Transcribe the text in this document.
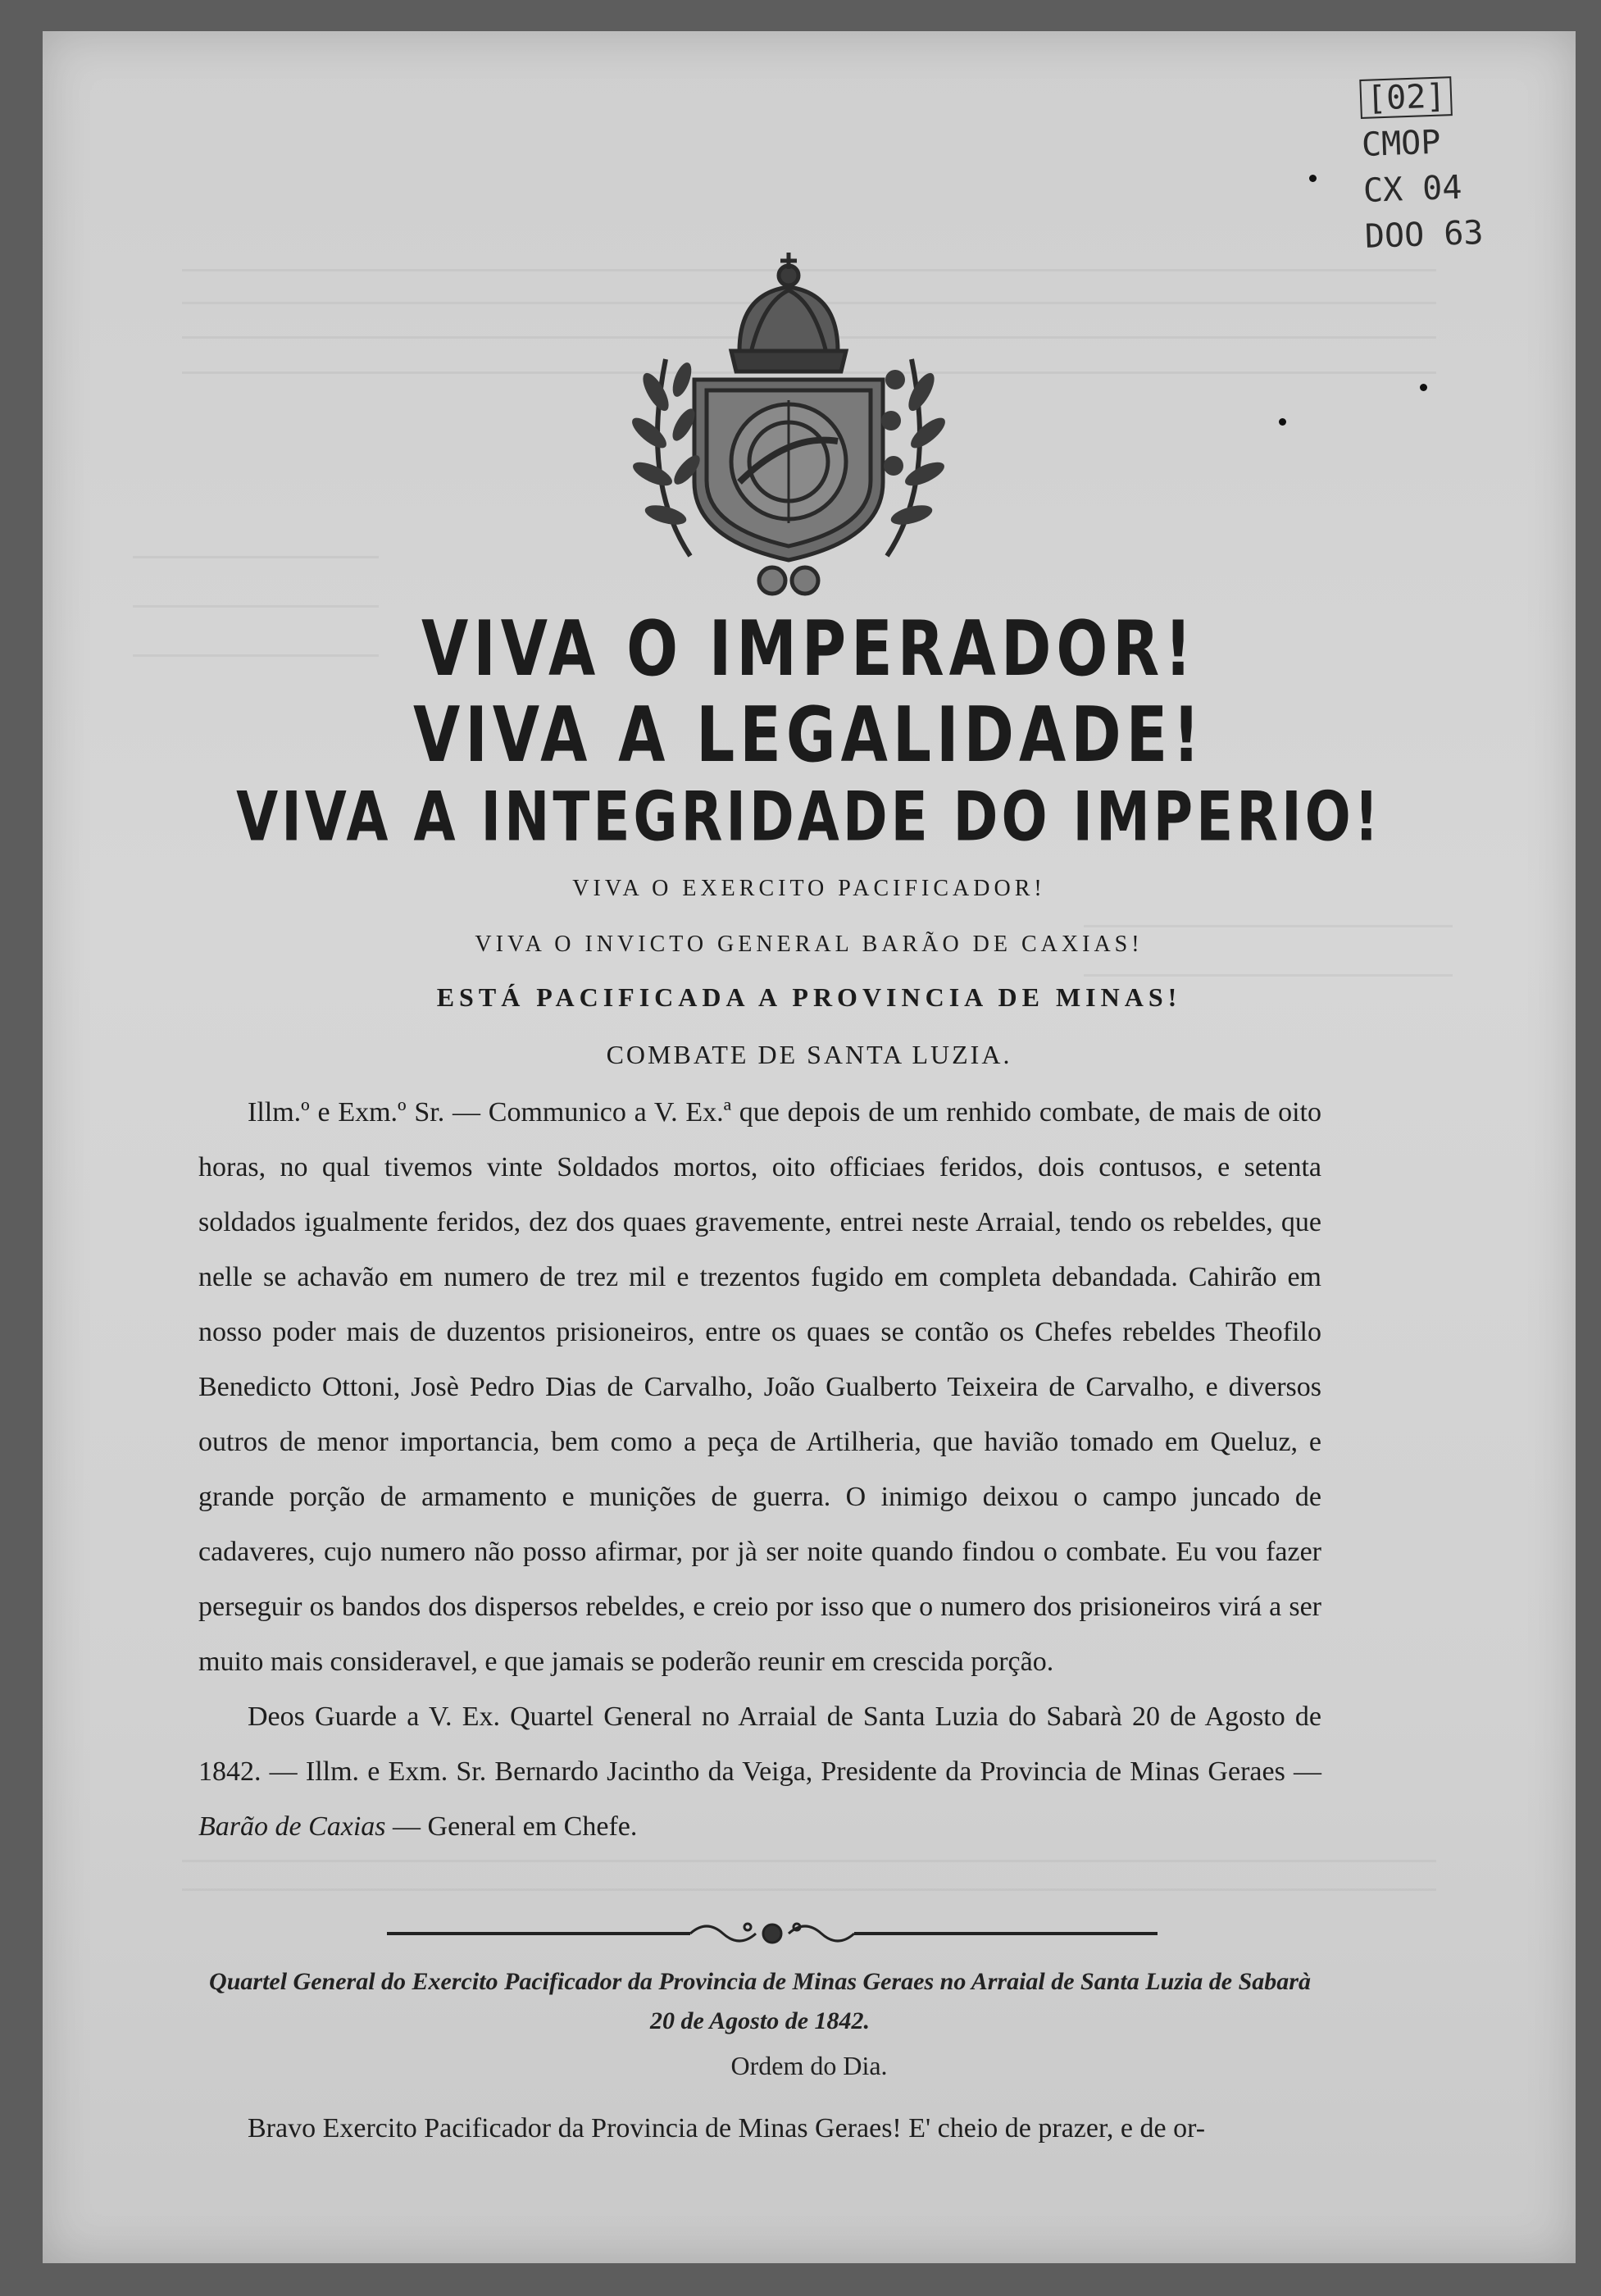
[02]
CMOP
CX 04
DOO 63
VIVA O IMPERADOR!
VIVA A LEGALIDADE!
VIVA A INTEGRIDADE DO IMPERIO!
VIVA O EXERCITO PACIFICADOR!
VIVA O INVICTO GENERAL BARÃO DE CAXIAS!
ESTÁ PACIFICADA A PROVINCIA DE MINAS!
COMBATE DE SANTA LUZIA.

Illm.º e Exm.º Sr. — Communico a V. Ex.ª que depois de um renhido combate, de mais de oito horas, no qual tivemos vinte Soldados mortos, oito officiaes feridos, dois contusos, e setenta soldados igualmente feridos, dez dos quaes gravemente, entrei neste Arraial, tendo os rebeldes, que nelle se achavão em numero de trez mil e trezentos fugido em completa debandada. Cahirão em nosso poder mais de duzentos prisioneiros, entre os quaes se contão os Chefes rebeldes Theofilo Benedicto Ottoni, Josè Pedro Dias de Carvalho, João Gualberto Teixeira de Carvalho, e diversos outros de menor importancia, bem como a peça de Artilheria, que havião tomado em Queluz, e grande porção de armamento e munições de guerra. O inimigo deixou o campo juncado de cadaveres, cujo numero não posso afirmar, por jà ser noite quando findou o combate. Eu vou fazer perseguir os bandos dos dispersos rebeldes, e creio por isso que o numero dos prisioneiros virá a ser muito mais consideravel, e que jamais se poderão reunir em crescida porção.

Deos Guarde a V. Ex. Quartel General no Arraial de Santa Luzia do Sabarà 20 de Agosto de 1842. — Illm. e Exm. Sr. Bernardo Jacintho da Veiga, Presidente da Provincia de Minas Geraes — Barão de Caxias — General em Chefe.

Quartel General do Exercito Pacificador da Provincia de Minas Geraes no Arraial de Santa Luzia de Sabarà 20 de Agosto de 1842.
Ordem do Dia.

Bravo Exercito Pacificador da Provincia de Minas Geraes! E' cheio de prazer, e de or-
